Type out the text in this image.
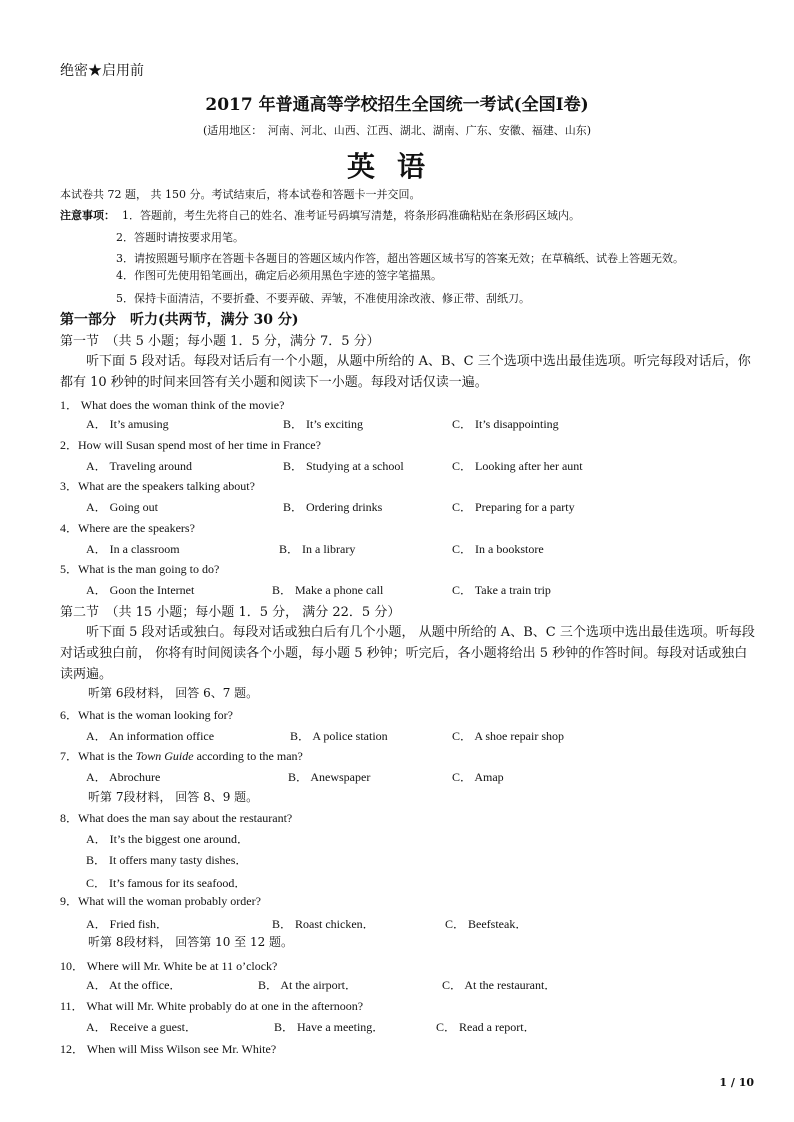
绝密★启用前
2017 年普通高等学校招生全国统一考试(全国Ⅰ卷)
(适用地区：　河南、河北、山西、江西、湖北、湖南、广东、安徽、福建、山东)
英语
本试卷共 72 题， 共 150 分。考试结束后，将本试卷和答题卡一并交回。
注意事项： 1．答题前，考生先将自己的姓名、准考证号码填写清楚，将条形码准确粘贴在条形码区域内。
2．答题时请按要求用笔。
3．请按照题号顺序在答题卡各题目的答题区域内作答，超出答题区域书写的答案无效；在草稿纸、试卷上答题无效。
4．作图可先使用铅笔画出，确定后必须用黑色字迹的签字笔描黑。
5．保持卡面清洁，不要折叠、不要弄破、弄皱，不准使用涂改液、修正带、刮纸刀。
第一部分　听力(共两节，满分 30 分)
第一节　（共 5 小题；每小题 1．5 分，满分 7．5 分）
听下面 5 段对话。每段对话后有一个小题，从题中所给的 A、B、C 三个选项中选出最佳选项。听完每段对话后，你都有 10 秒钟的时间来回答有关小题和阅读下一小题。每段对话仅读一遍。
1． What does the woman think of the movie?
A． It’s amusing	B． It’s exciting	C． It’s disappointing
2．How will Susan spend most of her time in France?
A． Traveling around	B． Studying at a school	C． Looking after her aunt
3．What are the speakers talking about?
A． Going out	B． Ordering drinks	C． Preparing for a party
4．Where are the speakers?
A． In a classroom	B． In a library	C． In a bookstore
5．What is the man going to do?
A． Goon the Internet	B． Make a phone call	C． Take a train trip
第二节　（共 15 小题；每小题 1．5 分， 满分 22．5 分）
听下面 5 段对话或独白。每段对话或独白后有几个小题， 从题中所给的 A、B、C 三个选项中选出最佳选项。听每段对话或独白前， 你将有时间阅读各个小题，每小题 5 秒钟；听完后，各小题将给出 5 秒钟的作答时间。每段对话或独白读两遍。
听第 6段材料， 回答 6、7 题。
6．What is the woman looking for?
A． An information office	B． A police station	C． A shoe repair shop
7．What is the Town Guide according to the man?
A． Abrochure	B． Anewspaper	C． Amap
听第 7段材料， 回答 8、9 题。
8．What does the man say about the restaurant?
A． It’s the biggest one around．
B． It offers many tasty dishes．
C． It’s famous for its seafood．
9．What will the woman probably order?
A． Fried fish．	B． Roast chicken．	C． Beefsteak．
听第 8段材料， 回答第 10 至 12 题。
10． Where will Mr. White be at 11 o’clock?
A． At the office．	B． At the airport．	C． At the restaurant．
11． What will Mr. White probably do at one in the afternoon?
A． Receive a guest．	B． Have a meeting．	C． Read a report．
12． When will Miss Wilson see Mr. White?
1 / 10
